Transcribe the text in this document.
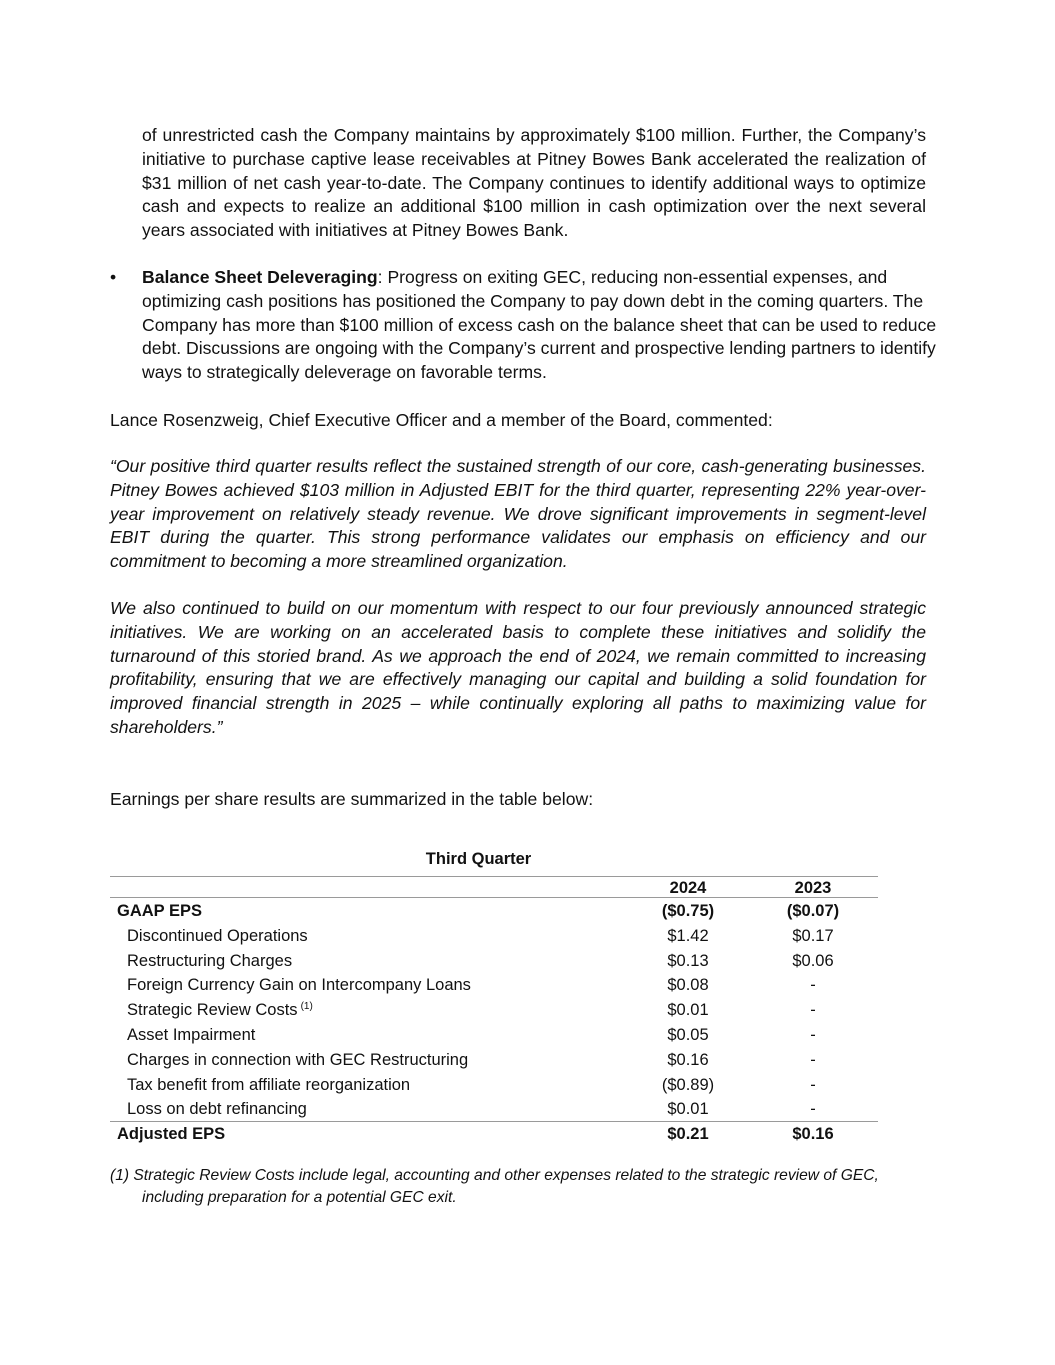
of unrestricted cash the Company maintains by approximately $100 million. Further, the Company’s initiative to purchase captive lease receivables at Pitney Bowes Bank accelerated the realization of $31 million of net cash year-to-date. The Company continues to identify additional ways to optimize cash and expects to realize an additional $100 million in cash optimization over the next several years associated with initiatives at Pitney Bowes Bank.

•	Balance Sheet Deleveraging: Progress on exiting GEC, reducing non-essential expenses, and optimizing cash positions has positioned the Company to pay down debt in the coming quarters. The Company has more than $100 million of excess cash on the balance sheet that can be used to reduce debt. Discussions are ongoing with the Company’s current and prospective lending partners to identify ways to strategically deleverage on favorable terms.

Lance Rosenzweig, Chief Executive Officer and a member of the Board, commented:

“Our positive third quarter results reflect the sustained strength of our core, cash-generating businesses. Pitney Bowes achieved $103 million in Adjusted EBIT for the third quarter, representing 22% year-over-year improvement on relatively steady revenue. We drove significant improvements in segment-level EBIT during the quarter. This strong performance validates our emphasis on efficiency and our commitment to becoming a more streamlined organization.

We also continued to build on our momentum with respect to our four previously announced strategic initiatives. We are working on an accelerated basis to complete these initiatives and solidify the turnaround of this storied brand. As we approach the end of 2024, we remain committed to increasing profitability, ensuring that we are effectively managing our capital and building a solid foundation for improved financial strength in 2025 – while continually exploring all paths to maximizing value for shareholders.”

Earnings per share results are summarized in the table below:

Third Quarter
2024	2023
GAAP EPS	($0.75)	($0.07)
Discontinued Operations	$1.42	$0.17
Restructuring Charges	$0.13	$0.06
Foreign Currency Gain on Intercompany Loans	$0.08	-
Strategic Review Costs $^{(1)}$	$0.01	-
Asset Impairment	$0.05	-
Charges in connection with GEC Restructuring	$0.16	-
Tax benefit from affiliate reorganization	($0.89)	-
Loss on debt refinancing	$0.01	-
Adjusted EPS	$0.21	$0.16

(1) Strategic Review Costs include legal, accounting and other expenses related to the strategic review of GEC,
including preparation for a potential GEC exit.
